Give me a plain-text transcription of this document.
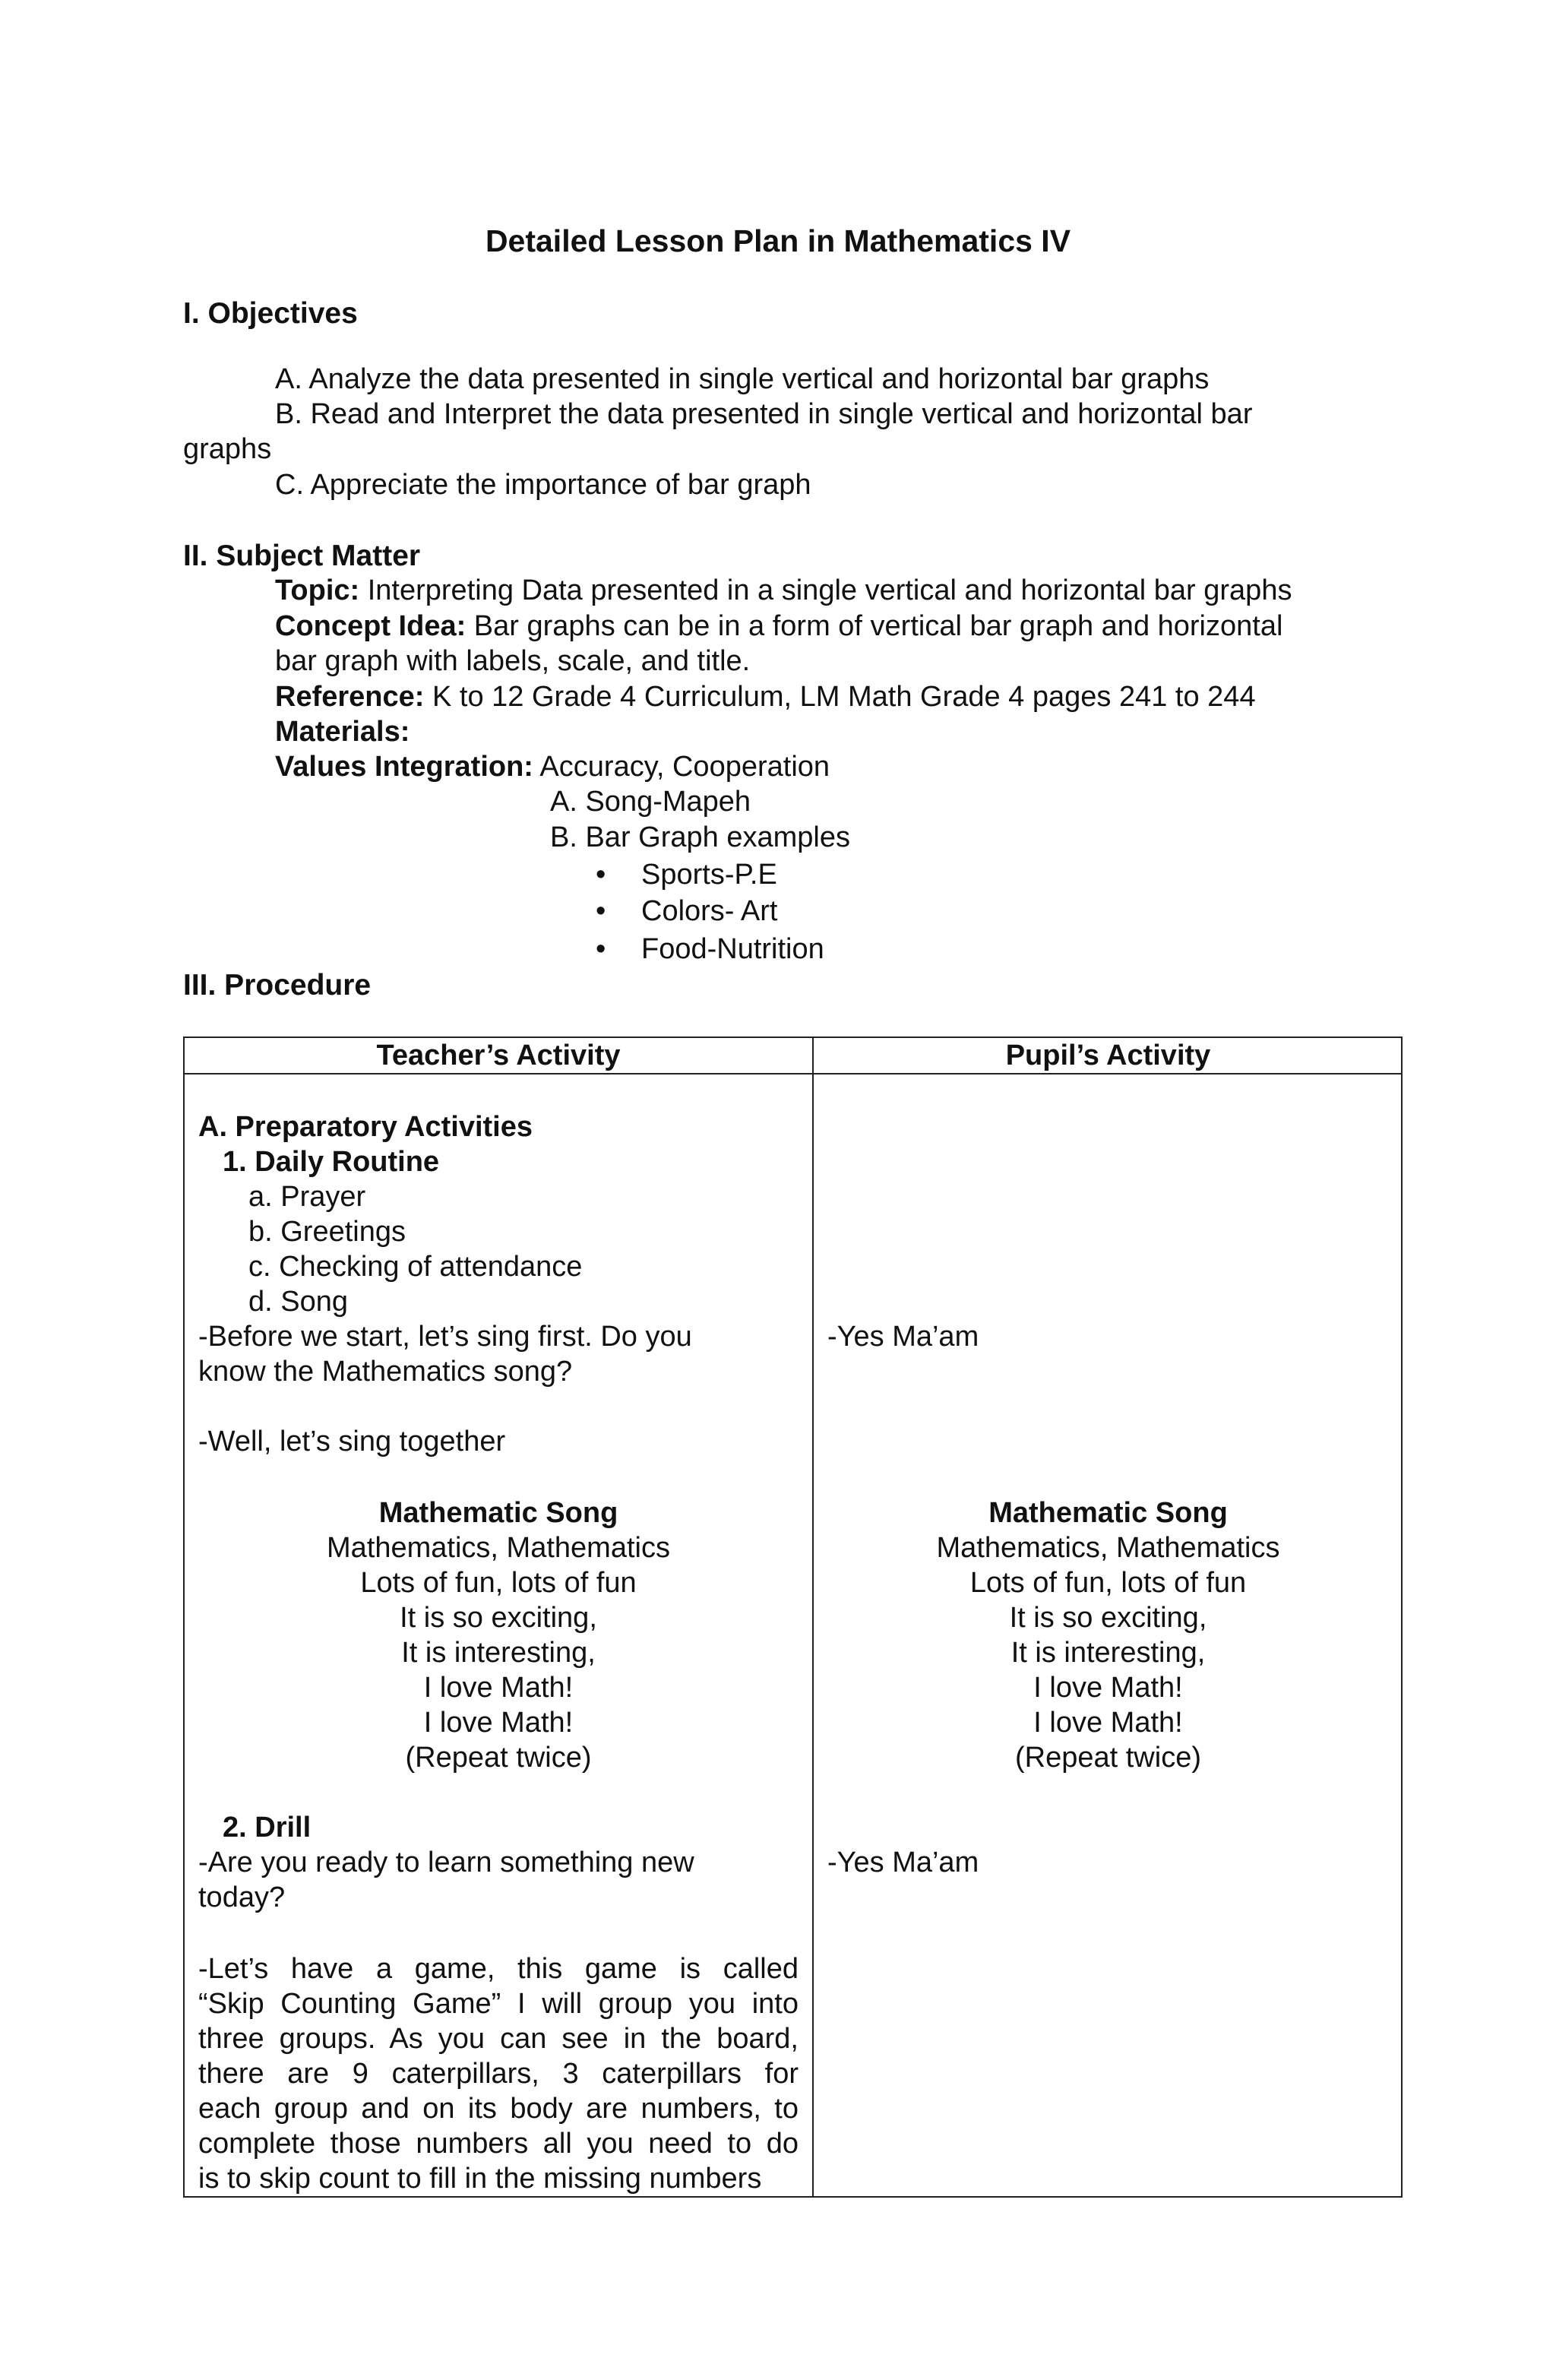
Detailed Lesson Plan in Mathematics IV
I. Objectives
A. Analyze the data presented in single vertical and horizontal bar graphs
B. Read and Interpret the data presented in single vertical and horizontal bar
graphs
C. Appreciate the importance of bar graph
II. Subject Matter
Topic: Interpreting Data presented in a single vertical and horizontal bar graphs
Concept Idea: Bar graphs can be in a form of vertical bar graph and horizontal
bar graph with labels, scale, and title.
Reference: K to 12 Grade 4 Curriculum, LM Math Grade 4 pages 241 to 244
Materials:
Values Integration: Accuracy, Cooperation
A. Song-Mapeh
B. Bar Graph examples
• Sports-P.E
• Colors- Art
• Food-Nutrition
III. Procedure
Teacher’s Activity	Pupil’s Activity
A. Preparatory Activities
1. Daily Routine
a. Prayer
b. Greetings
c. Checking of attendance
d. Song
-Before we start, let’s sing first. Do you
know the Mathematics song?
-Well, let’s sing together
Mathematic Song
Mathematics, Mathematics
Lots of fun, lots of fun
It is so exciting,
It is interesting,
I love Math!
I love Math!
(Repeat twice)
2. Drill
-Are you ready to learn something new
today?
-Let’s have a game, this game is called
“Skip Counting Game” I will group you into
three groups. As you can see in the board,
there are 9 caterpillars, 3 caterpillars for
each group and on its body are numbers, to
complete those numbers all you need to do
is to skip count to fill in the missing numbers
-Yes Ma’am
Mathematic Song
Mathematics, Mathematics
Lots of fun, lots of fun
It is so exciting,
It is interesting,
I love Math!
I love Math!
(Repeat twice)
-Yes Ma’am
